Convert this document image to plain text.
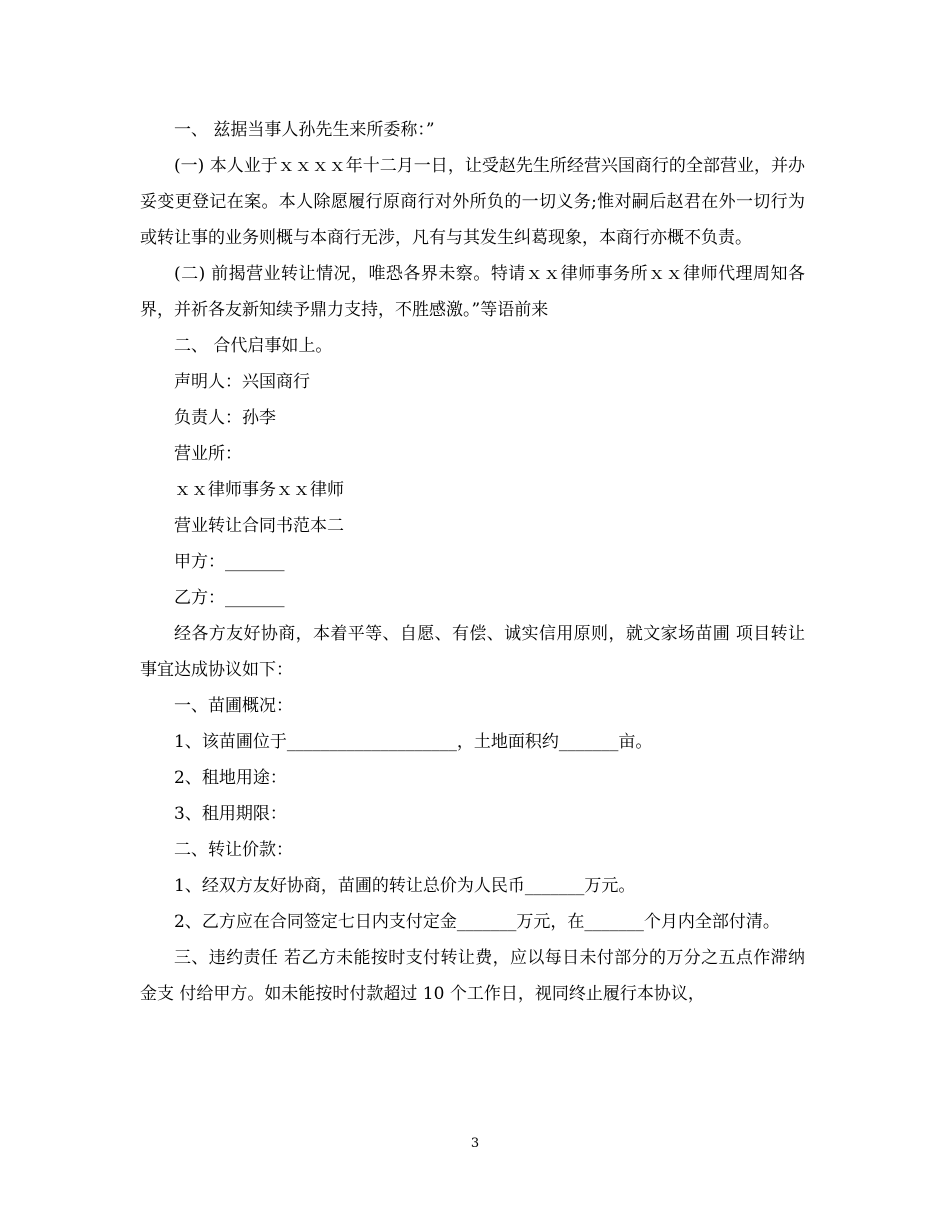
一、 兹据当事人孙先生来所委称：”

(一) 本人业于ｘｘｘｘ年十二月一日，让受赵先生所经营兴国商行的全部营业，并办妥变更登记在案。本人除愿履行原商行对外所负的一切义务;惟对嗣后赵君在外一切行为或转让事的业务则概与本商行无涉，凡有与其发生纠葛现象，本商行亦概不负责。

(二) 前揭营业转让情况，唯恐各界未察。特请ｘｘ律师事务所ｘｘ律师代理周知各界，并祈各友新知续予鼎力支持，不胜感激。”等语前来

二、 合代启事如上。

声明人：兴国商行

负责人：孙李

营业所：

ｘｘ律师事务ｘｘ律师

营业转让合同书范本二

甲方：_______

乙方：_______

经各方友好协商，本着平等、自愿、有偿、诚实信用原则，就文家场苗圃 项目转让事宜达成协议如下：

一、苗圃概况：

1、该苗圃位于____________________，土地面积约_______亩。

2、租地用途：

3、租用期限：

二、转让价款：

1、经双方友好协商，苗圃的转让总价为人民币_______万元。

2、乙方应在合同签定七日内支付定金_______万元，在_______个月内全部付清。

三、违约责任 若乙方未能按时支付转让费，应以每日未付部分的万分之五点作滞纳金支 付给甲方。如未能按时付款超过 10 个工作日，视同终止履行本协议，

3
